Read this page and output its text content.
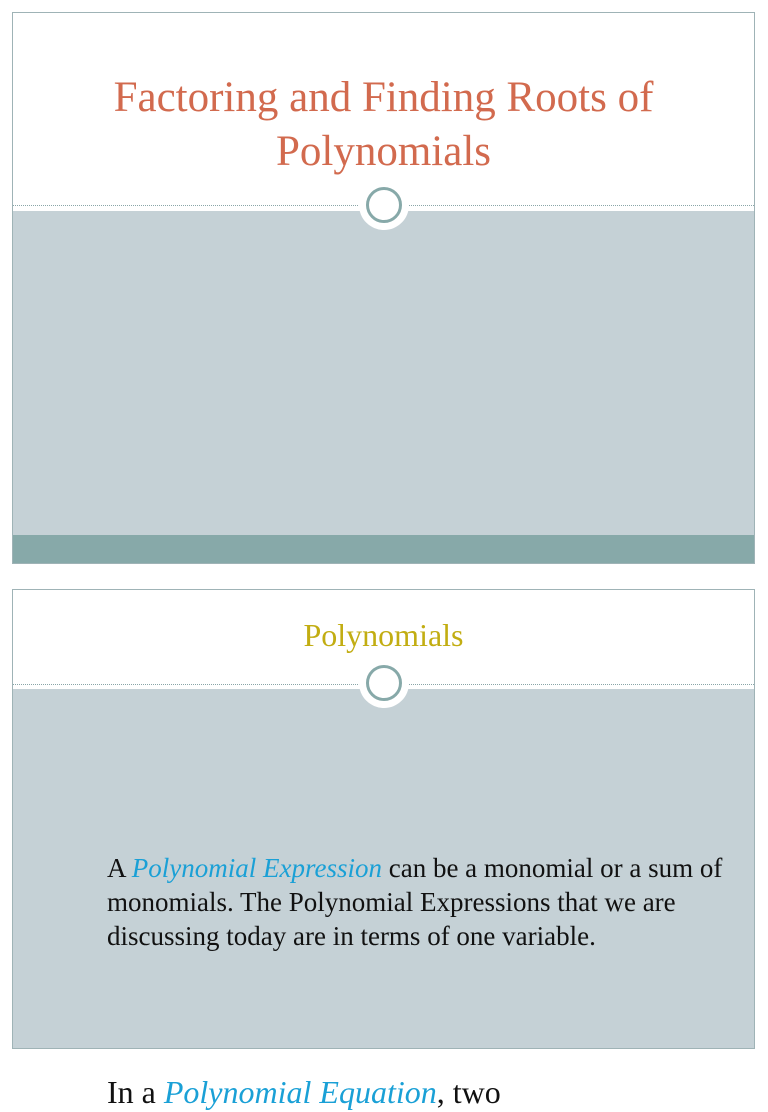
Factoring and Finding Roots of Polynomials
Polynomials

A Polynomial Expression can be a monomial or a sum of monomials. The Polynomial Expressions that we are discussing today are in terms of one variable.

In a Polynomial Equation, two
